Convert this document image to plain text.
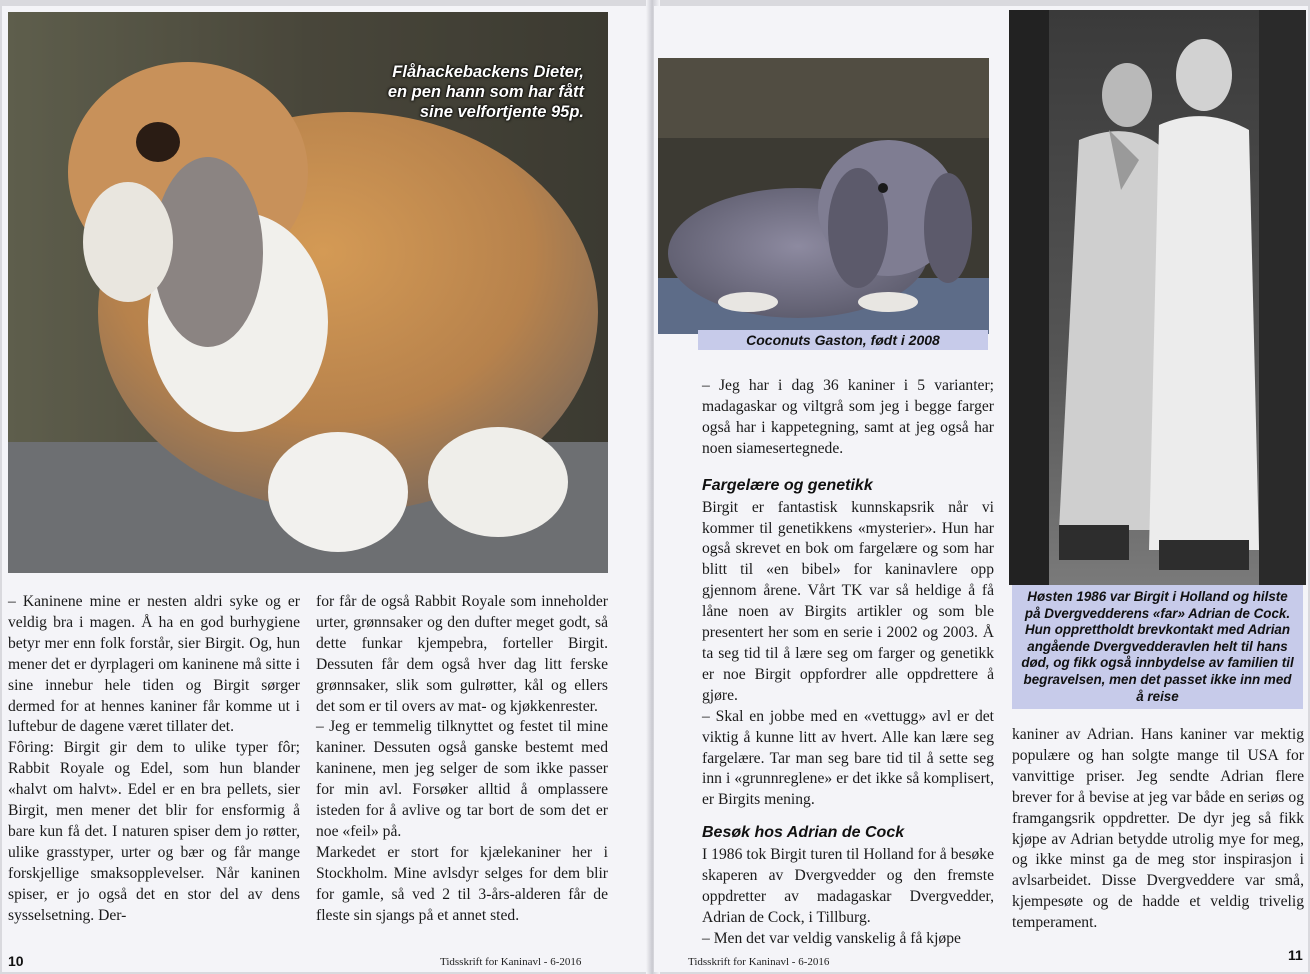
Flåhackebackens Dieter,
en pen hann som har fått
sine velfortjente 95p.

– Kaninene mine er nesten aldri syke og er veldig bra i magen. Å ha en god burhygiene betyr mer enn folk forstår, sier Birgit. Og, hun mener det er dyrplageri om kaninene må sitte i sine innebur hele tiden og Birgit sørger dermed for at hennes kaniner får komme ut i luftebur de dagene været tillater det.

Fôring: Birgit gir dem to ulike typer fôr; Rabbit Royale og Edel, som hun blander «halvt om halvt». Edel er en bra pellets, sier Birgit, men mener det blir for ensformig å bare kun få det. I naturen spiser dem jo røtter, ulike grasstyper, urter og bær og får mange forskjellige smaksopplevelser. Når kaninen spiser, er jo også det en stor del av dens sysselsetning. Der-

for får de også Rabbit Royale som inneholder urter, grønnsaker og den dufter meget godt, så dette funkar kjempebra, forteller Birgit. Dessuten får dem også hver dag litt ferske grønnsaker, slik som gulrøtter, kål og ellers det som er til overs av mat- og kjøkkenrester.

– Jeg er temmelig tilknyttet og festet til mine kaniner. Dessuten også ganske bestemt med kaninene, men jeg selger de som ikke passer for min avl. Forsøker alltid å omplassere isteden for å avlive og tar bort de som det er noe «feil» på.

Markedet er stort for kjælekaniner her i Stockholm. Mine avlsdyr selges for dem blir for gamle, så ved 2 til 3-års-alderen får de fleste sin sjangs på et annet sted.

10	Tidsskrift for Kaninavl - 6-2016
Coconuts Gaston, født i 2008
Høsten 1986 var Birgit i Holland og hilste på Dvergvedderens «far» Adrian de Cock. Hun opprettholdt brevkontakt med Adrian angående Dvergvedderavlen helt til hans død, og fikk også innbydelse av familien til begravelsen, men det passet ikke inn med å reise

– Jeg har i dag 36 kaniner i 5 varianter; madagaskar og viltgrå som jeg i begge farger også har i kappetegning, samt at jeg også har noen siamesertegnede.

Fargelære og genetikk

Birgit er fantastisk kunnskapsrik når vi kommer til genetikkens «mysterier». Hun har også skrevet en bok om fargelære og som har blitt til «en bibel» for kaninavlere opp gjennom årene. Vårt TK var så heldige å få låne noen av Birgits artikler og som ble presentert her som en serie i 2002 og 2003. Å ta seg tid til å lære seg om farger og genetikk er noe Birgit oppfordrer alle oppdrettere å gjøre.

– Skal en jobbe med en «vettugg» avl er det viktig å kunne litt av hvert. Alle kan lære seg fargelære. Tar man seg bare tid til å sette seg inn i «grunnreglene» er det ikke så komplisert, er Birgits mening.

Besøk hos Adrian de Cock

I 1986 tok Birgit turen til Holland for å besøke skaperen av Dvergvedder og den fremste oppdretter av madagaskar Dvergvedder, Adrian de Cock, i Tillburg.

– Men det var veldig vanskelig å få kjøpe

kaniner av Adrian. Hans kaniner var mektig populære og han solgte mange til USA for vanvittige priser. Jeg sendte Adrian flere brever for å bevise at jeg var både en seriøs og framgangsrik oppdretter. De dyr jeg så fikk kjøpe av Adrian betydde utrolig mye for meg, og ikke minst ga de meg stor inspirasjon i avlsarbeidet. Disse Dvergveddere var små, kjempesøte og de hadde et veldig trivelig temperament.

Tidsskrift for Kaninavl - 6-2016	11
